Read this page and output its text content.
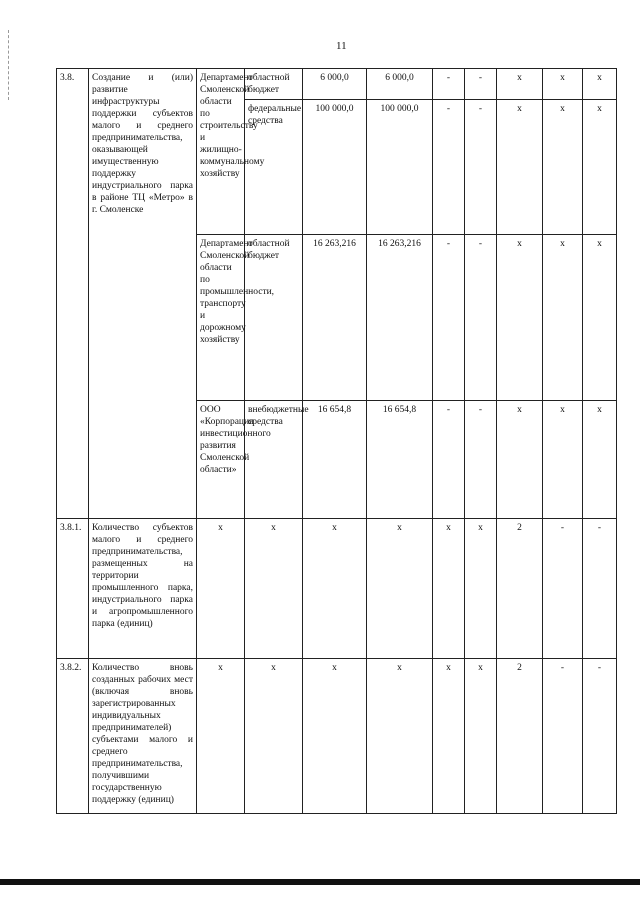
11
3.8.	Создание и (или) развитие инфраструктуры поддержки субъектов малого и среднего предпринимательства, оказывающей имущественную поддержку индустриального парка в районе ТЦ «Метро» в г. Смоленске	Департамент Смоленской области по строительству и жилищно-коммунальному хозяйству	областной бюджет	6 000,0	6 000,0	-	-	x	x	x
			федеральные средства	100 000,0	100 000,0	-	-	x	x	x
		Департамент Смоленской области по промышленности, транспорту и дорожному хозяйству	областной бюджет	16 263,216	16 263,216	-	-	x	x	x
		ООО «Корпорация инвестиционного развития Смоленской области»	внебюджетные средства	16 654,8	16 654,8	-	-	x	x	x
3.8.1.	Количество субъектов малого и среднего предпринимательства, размещенных на территории промышленного парка, индустриального парка и агропромышленного парка (единиц)	x	x	x	x	x	x	2	-	-
3.8.2.	Количество вновь созданных рабочих мест (включая вновь зарегистрированных индивидуальных предпринимателей) субъектами малого и среднего предпринимательства, получившими государственную поддержку (единиц)	x	x	x	x	x	x	2	-	-
